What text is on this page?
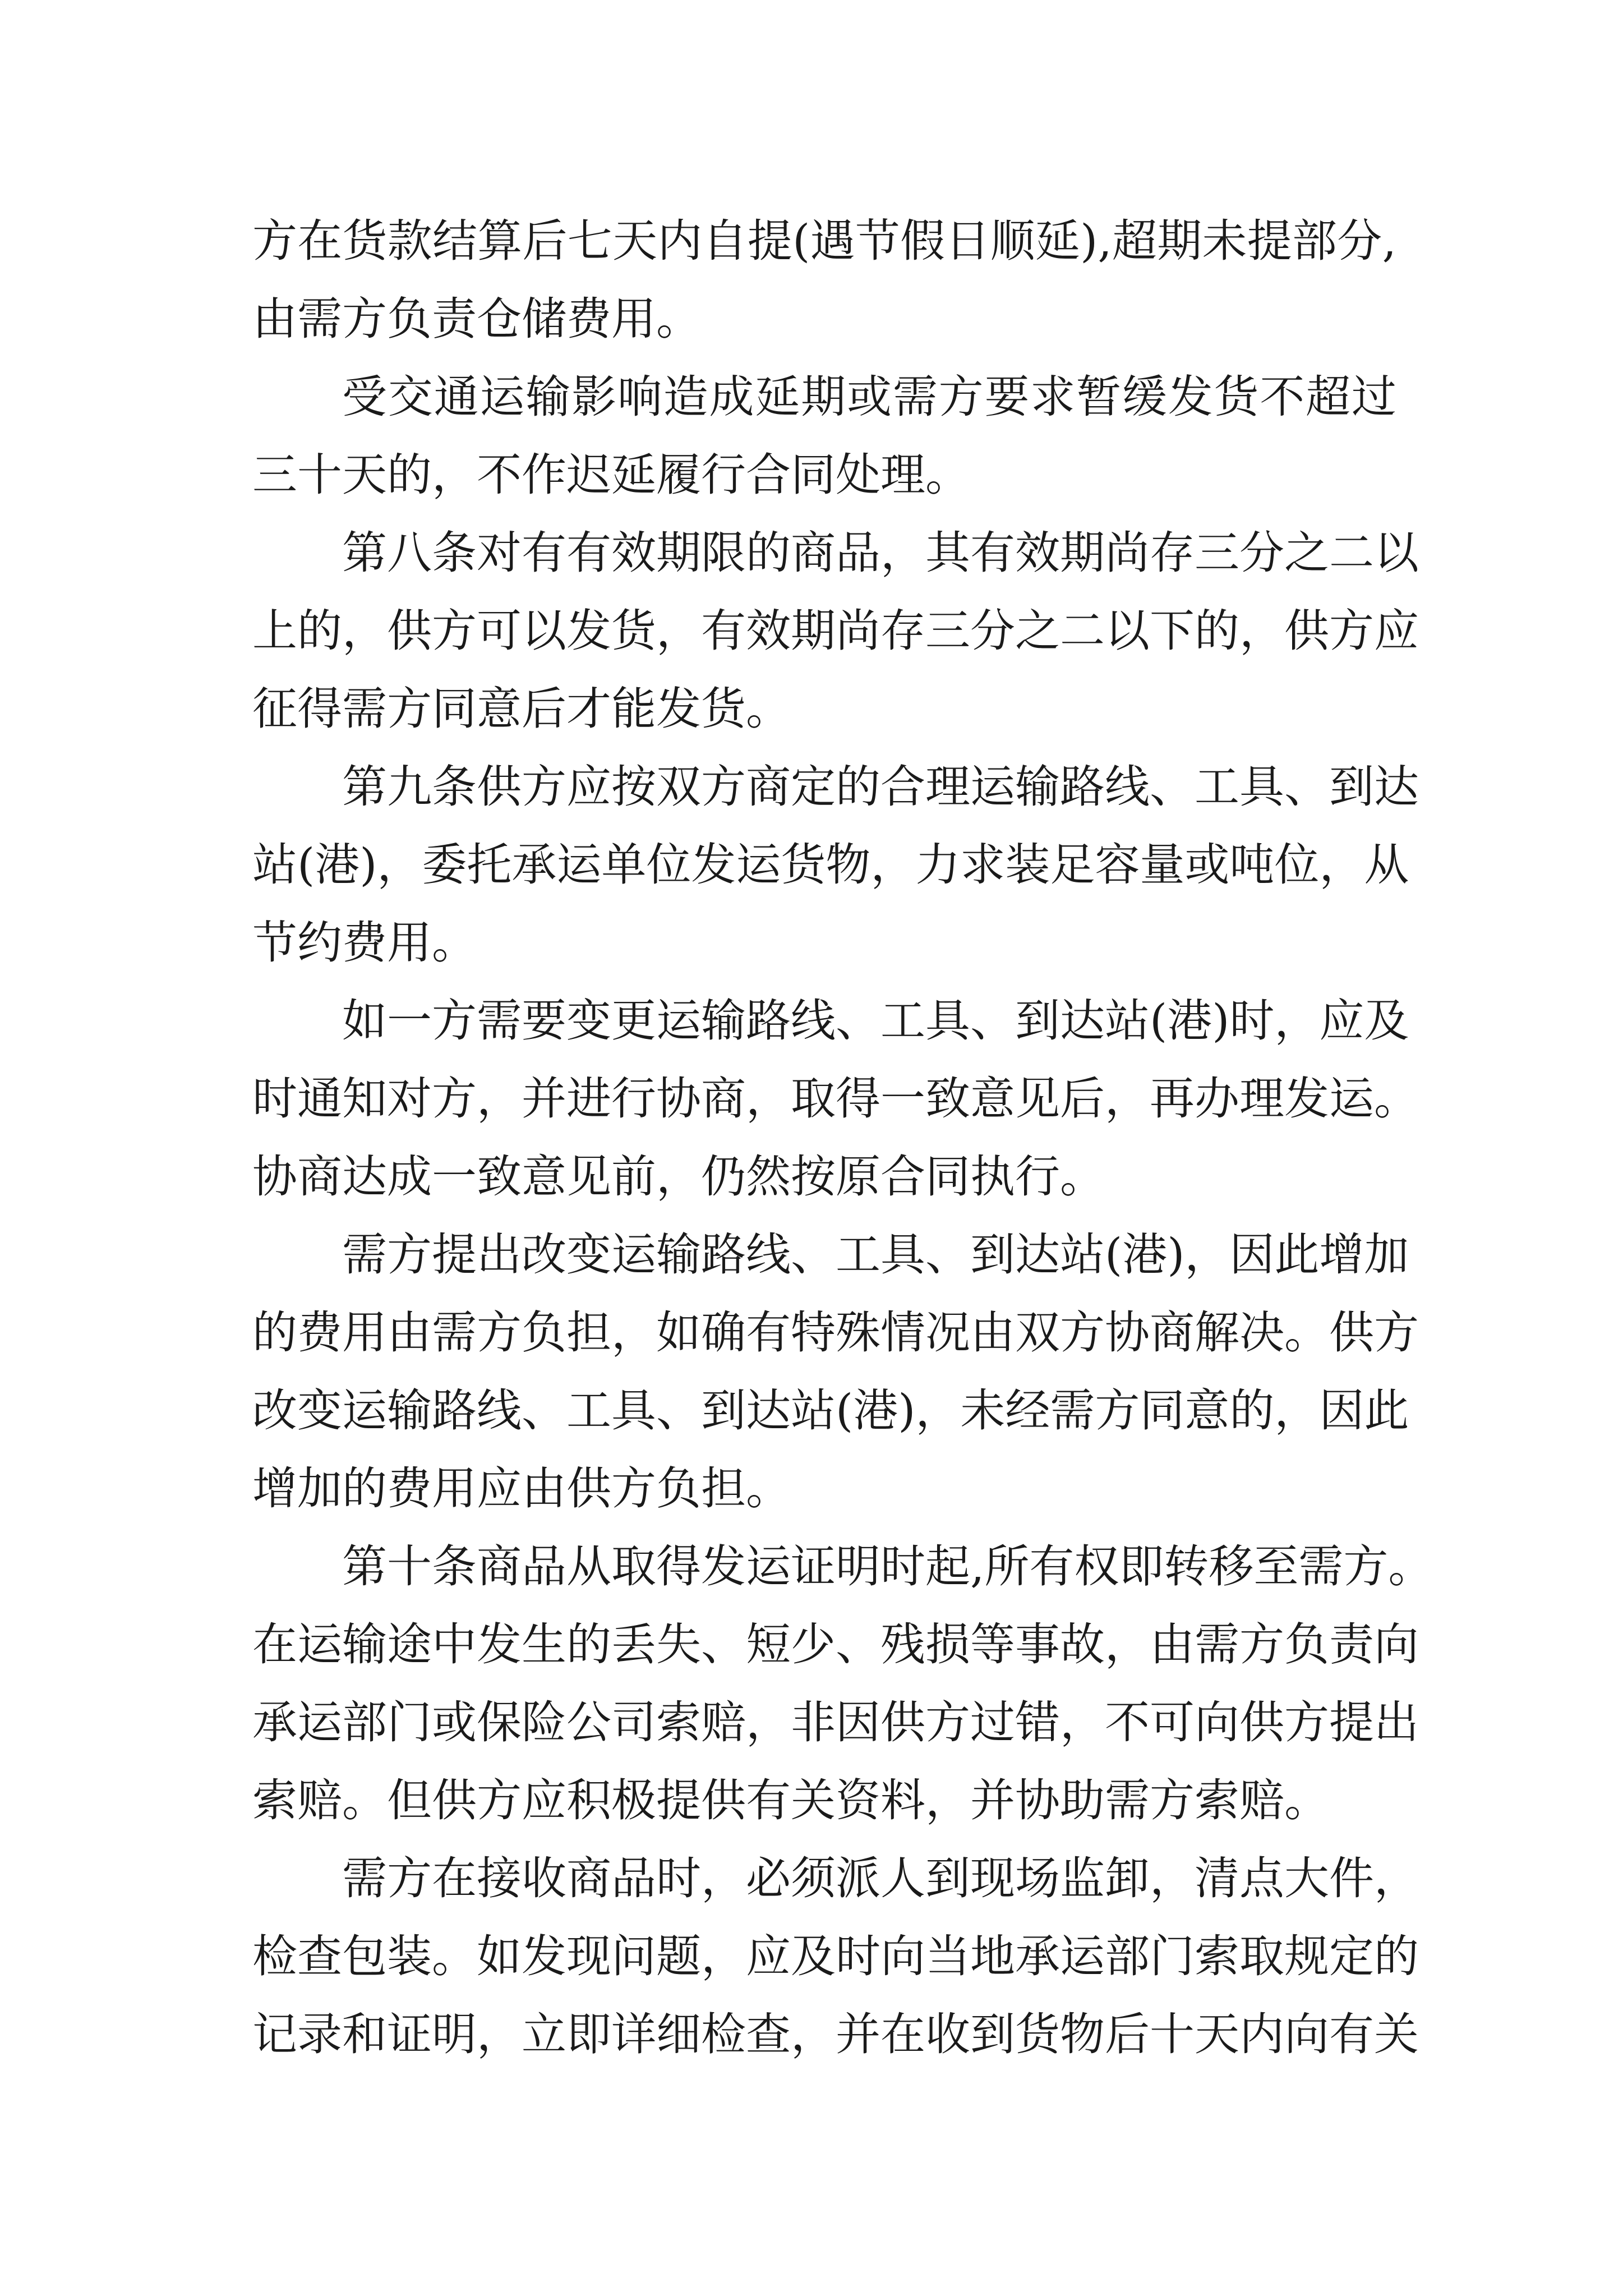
方在货款结算后七天内自提(遇节假日顺延),超期未提部分,

由需方负责仓储费用。

受交通运输影响造成延期或需方要求暂缓发货不超过

三十天的，不作迟延履行合同处理。

第八条对有有效期限的商品，其有效期尚存三分之二以

上的，供方可以发货，有效期尚存三分之二以下的，供方应

征得需方同意后才能发货。

第九条供方应按双方商定的合理运输路线、工具、到达

站(港)，委托承运单位发运货物，力求装足容量或吨位，从

节约费用。

如一方需要变更运输路线、工具、到达站(港)时，应及

时通知对方，并进行协商，取得一致意见后，再办理发运。

协商达成一致意见前，仍然按原合同执行。

需方提出改变运输路线、工具、到达站(港)，因此增加

的费用由需方负担，如确有特殊情况由双方协商解决。供方

改变运输路线、工具、到达站(港)，未经需方同意的，因此

增加的费用应由供方负担。

第十条商品从取得发运证明时起,所有权即转移至需方。

在运输途中发生的丢失、短少、残损等事故，由需方负责向

承运部门或保险公司索赔，非因供方过错，不可向供方提出

索赔。但供方应积极提供有关资料，并协助需方索赔。

需方在接收商品时，必须派人到现场监卸，清点大件，

检查包装。如发现问题，应及时向当地承运部门索取规定的

记录和证明，立即详细检查，并在收到货物后十天内向有关
